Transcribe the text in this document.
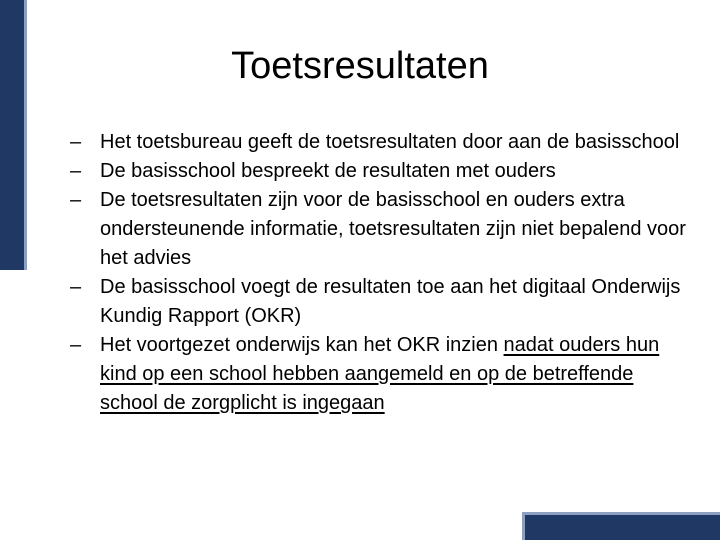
Toetsresultaten
– Het toetsbureau geeft de toetsresultaten door aan de basisschool
– De basisschool bespreekt de resultaten met ouders
– De toetsresultaten zijn voor de basisschool en ouders extra ondersteunende informatie, toetsresultaten zijn niet bepalend voor het advies
– De basisschool voegt de resultaten toe aan het digitaal Onderwijs Kundig Rapport (OKR)
– Het voortgezet onderwijs kan het OKR inzien nadat ouders hun kind op een school hebben aangemeld en op de betreffende school de zorgplicht is ingegaan
